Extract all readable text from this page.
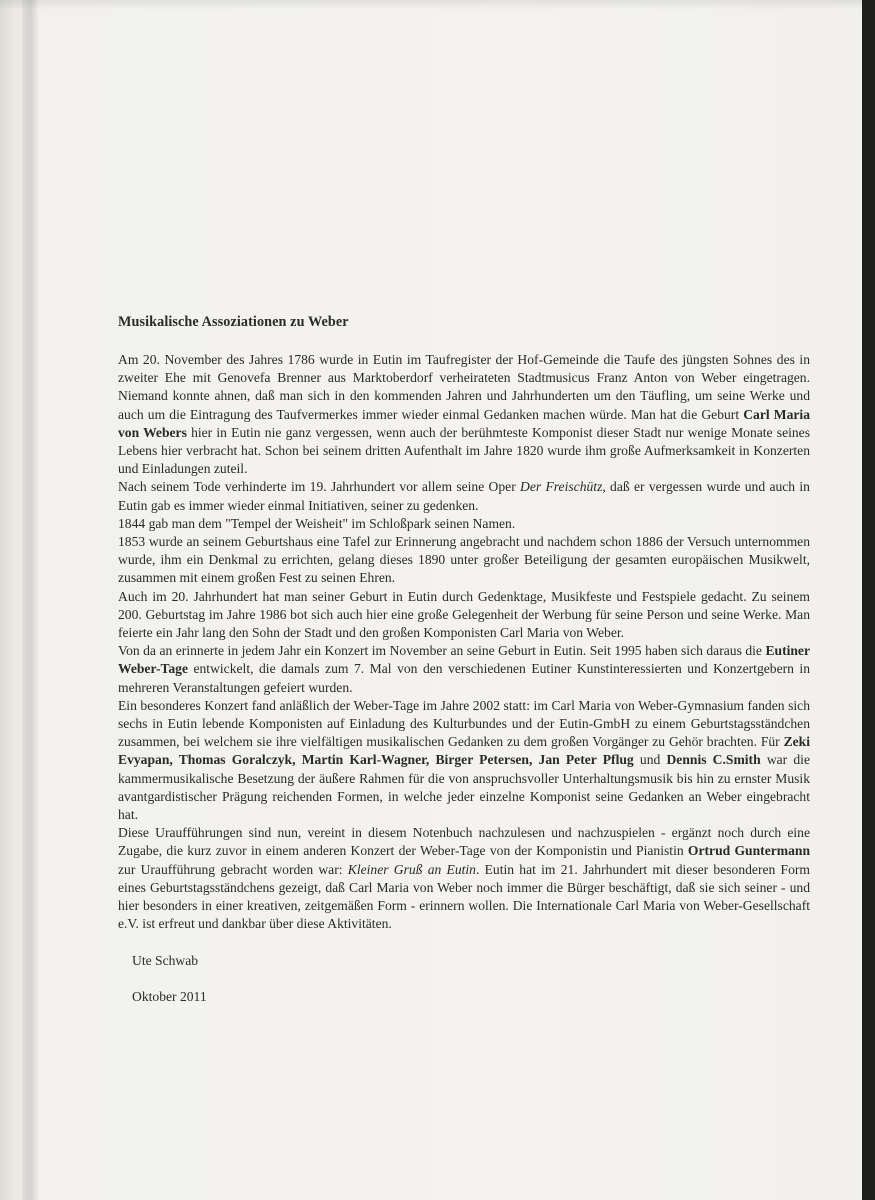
Musikalische Assoziationen zu Weber

Am 20. November des Jahres 1786 wurde in Eutin im Taufregister der Hof-Gemeinde die Taufe des jüngsten Sohnes des in zweiter Ehe mit Genovefa Brenner aus Marktoberdorf verheirateten Stadtmusicus Franz Anton von Weber eingetragen. Niemand konnte ahnen, daß man sich in den kommenden Jahren und Jahrhunderten um den Täufling, um seine Werke und auch um die Eintragung des Taufvermerkes immer wieder einmal Gedanken machen würde. Man hat die Geburt Carl Maria von Webers hier in Eutin nie ganz vergessen, wenn auch der berühmteste Komponist dieser Stadt nur wenige Monate seines Lebens hier verbracht hat. Schon bei seinem dritten Aufenthalt im Jahre 1820 wurde ihm große Aufmerksamkeit in Konzerten und Einladungen zuteil.

Nach seinem Tode verhinderte im 19. Jahrhundert vor allem seine Oper Der Freischütz, daß er vergessen wurde und auch in Eutin gab es immer wieder einmal Initiativen, seiner zu gedenken.

1844 gab man dem "Tempel der Weisheit" im Schloßpark seinen Namen.

1853 wurde an seinem Geburtshaus eine Tafel zur Erinnerung angebracht und nachdem schon 1886 der Versuch unternommen wurde, ihm ein Denkmal zu errichten, gelang dieses 1890 unter großer Beteiligung der gesamten europäischen Musikwelt, zusammen mit einem großen Fest zu seinen Ehren.

Auch im 20. Jahrhundert hat man seiner Geburt in Eutin durch Gedenktage, Musikfeste und Festspiele gedacht. Zu seinem 200. Geburtstag im Jahre 1986 bot sich auch hier eine große Gelegenheit der Werbung für seine Person und seine Werke. Man feierte ein Jahr lang den Sohn der Stadt und den großen Komponisten Carl Maria von Weber.

Von da an erinnerte in jedem Jahr ein Konzert im November an seine Geburt in Eutin. Seit 1995 haben sich daraus die Eutiner Weber-Tage entwickelt, die damals zum 7. Mal von den verschiedenen Eutiner Kunstinteressierten und Konzertgebern in mehreren Veranstaltungen gefeiert wurden.

Ein besonderes Konzert fand anläßlich der Weber-Tage im Jahre 2002 statt: im Carl Maria von Weber-Gymnasium fanden sich sechs in Eutin lebende Komponisten auf Einladung des Kulturbundes und der Eutin-GmbH zu einem Geburtstagsständchen zusammen, bei welchem sie ihre vielfältigen musikalischen Gedanken zu dem großen Vorgänger zu Gehör brachten. Für Zeki Evyapan, Thomas Goralczyk, Martin Karl-Wagner, Birger Petersen, Jan Peter Pflug und Dennis C.Smith war die kammermusikalische Besetzung der äußere Rahmen für die von anspruchsvoller Unterhaltungsmusik bis hin zu ernster Musik avantgardistischer Prägung reichenden Formen, in welche jeder einzelne Komponist seine Gedanken an Weber eingebracht hat.

Diese Uraufführungen sind nun, vereint in diesem Notenbuch nachzulesen und nachzuspielen - ergänzt noch durch eine Zugabe, die kurz zuvor in einem anderen Konzert der Weber-Tage von der Komponistin und Pianistin Ortrud Guntermann zur Uraufführung gebracht worden war: Kleiner Gruß an Eutin. Eutin hat im 21. Jahrhundert mit dieser besonderen Form eines Geburtstagsständchens gezeigt, daß Carl Maria von Weber noch immer die Bürger beschäftigt, daß sie sich seiner - und hier besonders in einer kreativen, zeitgemäßen Form - erinnern wollen. Die Internationale Carl Maria von Weber-Gesellschaft e.V. ist erfreut und dankbar über diese Aktivitäten.

Ute Schwab

Oktober 2011
